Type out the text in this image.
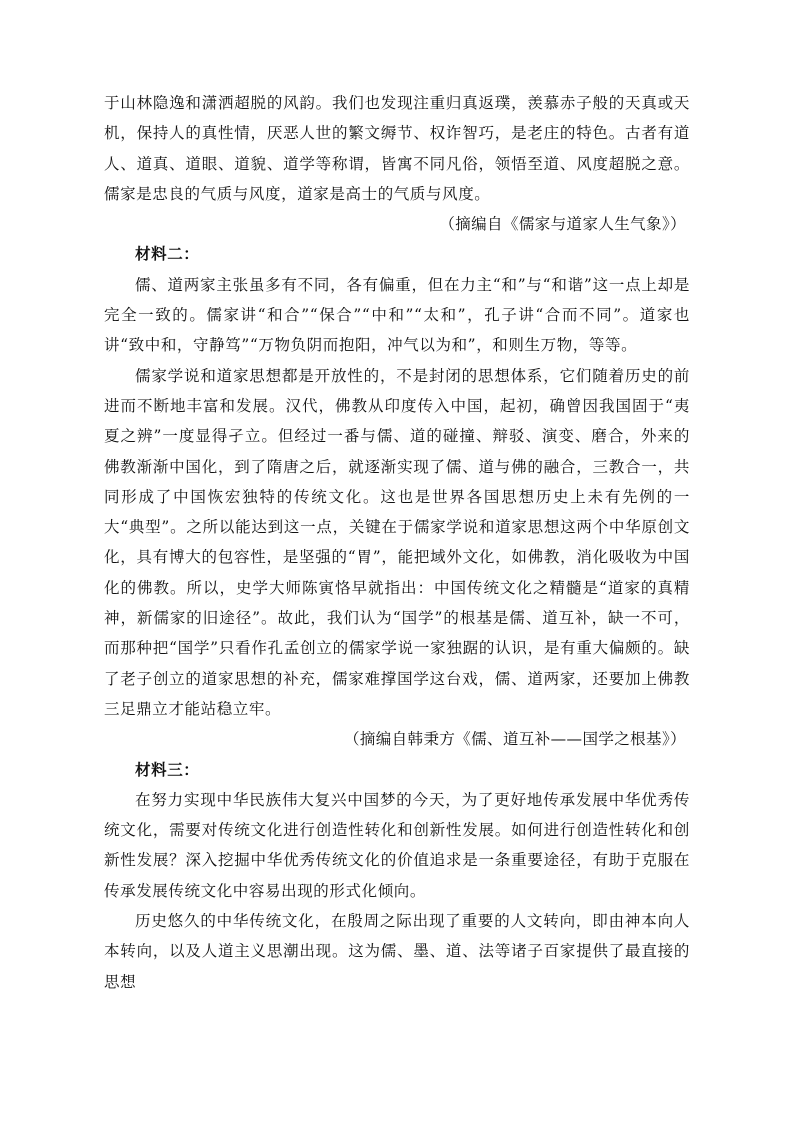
于山林隐逸和潇洒超脱的风韵。我们也发现注重归真返璞，羡慕赤子般的天真或天机，保持人的真性情，厌恶人世的繁文缛节、权诈智巧，是老庄的特色。古者有道人、道真、道眼、道貌、道学等称谓，皆寓不同凡俗，领悟至道、风度超脱之意。儒家是忠良的气质与风度，道家是高士的气质与风度。

（摘编自《儒家与道家人生气象》）

材料二：

儒、道两家主张虽多有不同，各有偏重，但在力主“和”与“和谐”这一点上却是完全一致的。儒家讲“和合”“保合”“中和”“太和”，孔子讲“合而不同”。道家也讲“致中和，守静笃”“万物负阴而抱阳，冲气以为和”，和则生万物，等等。

儒家学说和道家思想都是开放性的，不是封闭的思想体系，它们随着历史的前进而不断地丰富和发展。汉代，佛教从印度传入中国，起初，确曾因我国固于“夷夏之辨”一度显得孑立。但经过一番与儒、道的碰撞、辩驳、演变、磨合，外来的佛教渐渐中国化，到了隋唐之后，就逐渐实现了儒、道与佛的融合，三教合一，共同形成了中国恢宏独特的传统文化。这也是世界各国思想历史上未有先例的一大“典型”。之所以能达到这一点，关键在于儒家学说和道家思想这两个中华原创文化，具有博大的包容性，是坚强的“胃”，能把域外文化，如佛教，消化吸收为中国化的佛教。所以，史学大师陈寅恪早就指出：中国传统文化之精髓是“道家的真精神，新儒家的旧途径”。故此，我们认为“国学”的根基是儒、道互补，缺一不可，而那种把“国学”只看作孔孟创立的儒家学说一家独踞的认识，是有重大偏颇的。缺了老子创立的道家思想的补充，儒家难撑国学这台戏，儒、道两家，还要加上佛教三足鼎立才能站稳立牢。

（摘编自韩秉方《儒、道互补——国学之根基》）

材料三：

在努力实现中华民族伟大复兴中国梦的今天，为了更好地传承发展中华优秀传统文化，需要对传统文化进行创造性转化和创新性发展。如何进行创造性转化和创新性发展？深入挖掘中华优秀传统文化的价值追求是一条重要途径，有助于克服在传承发展传统文化中容易出现的形式化倾向。

历史悠久的中华传统文化，在殷周之际出现了重要的人文转向，即由神本向人本转向，以及人道主义思潮出现。这为儒、墨、道、法等诸子百家提供了最直接的思想
